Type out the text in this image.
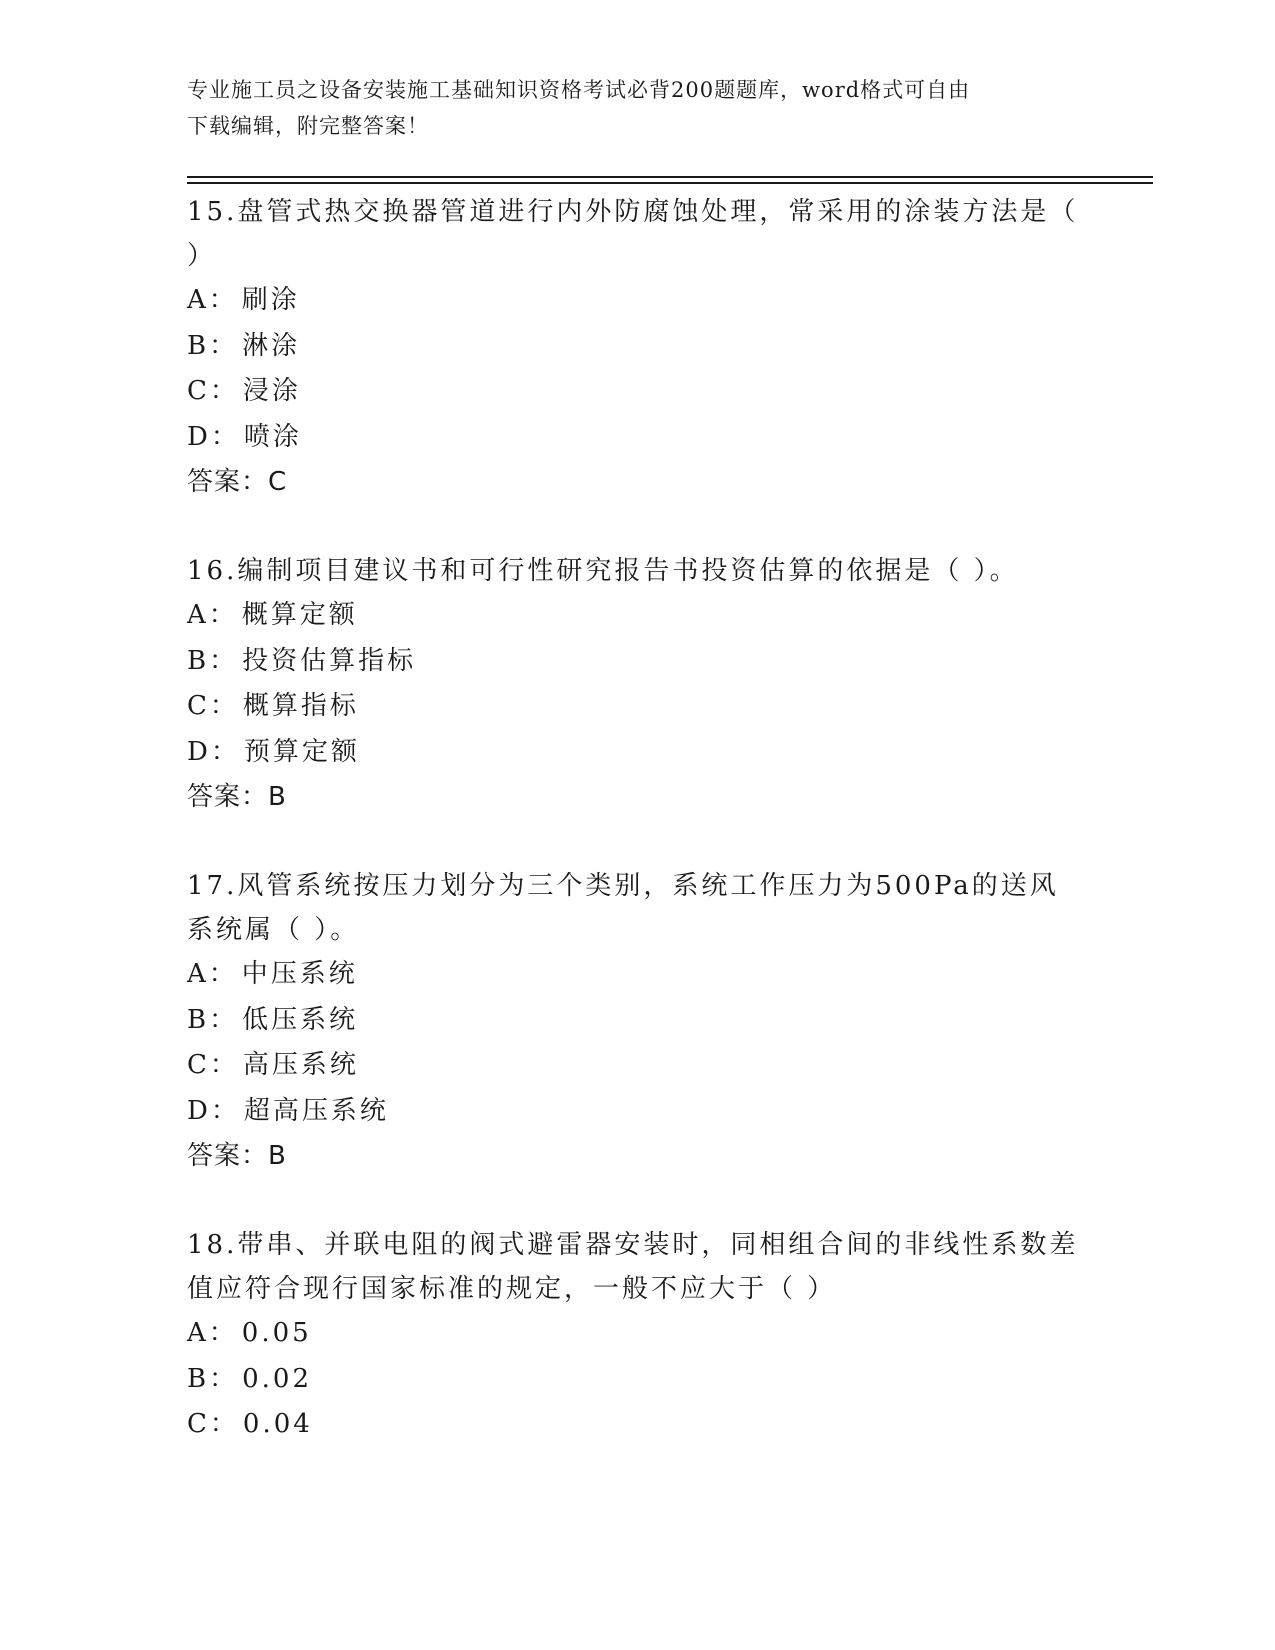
专业施工员之设备安装施工基础知识资格考试必背200题题库，word格式可自由
下载编辑，附完整答案！

15.盘管式热交换器管道进行内外防腐蚀处理，常采用的涂装方法是（ ）

A： 刷涂

B： 淋涂

C： 浸涂

D： 喷涂

答案：C

16.编制项目建议书和可行性研究报告书投资估算的依据是（ ）。

A： 概算定额

B： 投资估算指标

C： 概算指标

D： 预算定额

答案：B

17.风管系统按压力划分为三个类别，系统工作压力为500Pa的送风系统属（ ）。

A： 中压系统

B： 低压系统

C： 高压系统

D： 超高压系统

答案：B

18.带串、并联电阻的阀式避雷器安装时，同相组合间的非线性系数差值应符合现行国家标准的规定，一般不应大于（ ）

A： 0.05

B： 0.02

C： 0.04
